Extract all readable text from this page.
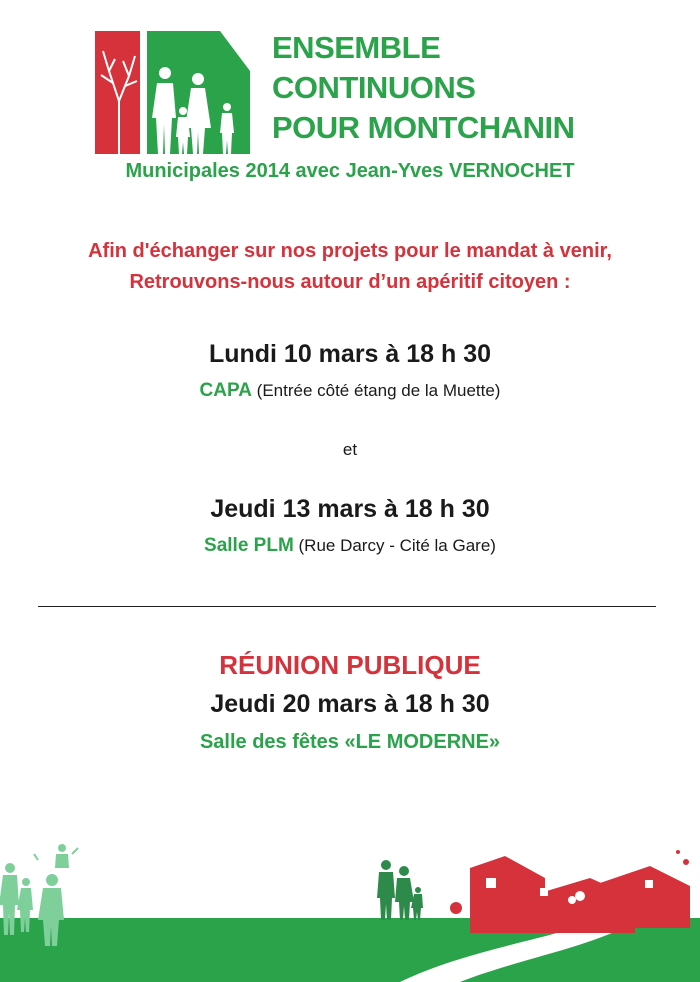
ENSEMBLE
CONTINUONS
POUR MONTCHANIN
Municipales 2014 avec Jean-Yves VERNOCHET
Afin d'échanger sur nos projets pour le mandat à venir,
Retrouvons-nous autour d’un apéritif citoyen :
Lundi 10 mars à 18 h 30
CAPA (Entrée côté étang de la Muette)
et
Jeudi 13 mars à 18 h 30
Salle PLM (Rue Darcy - Cité la Gare)
RÉUNION PUBLIQUE
Jeudi 20 mars à 18 h 30
Salle des fêtes «LE MODERNE»
